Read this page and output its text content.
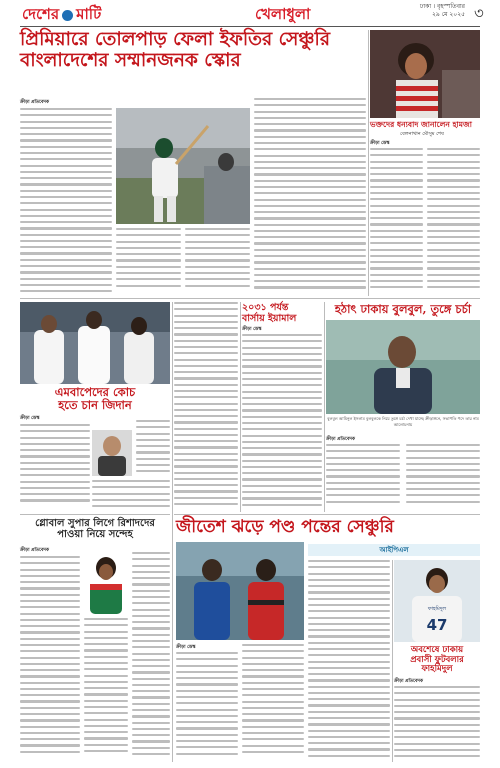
দেশের মাটি	খেলাধুলা	ঢাকা । বৃহস্পতিবার
২৯ মে ২০২৫ ৩
প্রিমিয়ারে তোলপাড় ফেলা ইফতির সেঞ্চুরি
বাংলাদেশের সম্মানজনক স্কোর
ক্রীড়া প্রতিবেদক
ভক্তদের ধন্যবাদ জানালেন হামজা
বেলনাথান মৌসুম শেষ
ক্রীড়া ডেস্ক
এমবাপেদের কোচ
হতে চান জিদান
ক্রীড়া ডেস্ক
২০৩১ পর্যন্ত
বার্সায় ইয়ামাল
ক্রীড়া ডেস্ক
হঠাৎ ঢাকায় বুলবুল, তুঙ্গে চর্চা
বুলবুল আমিনুল ইসলাম বুলবুলকে নিয়ে তুঙ্গে চর্চা দেখা যাচ্ছে ক্রীড়াঙ্গনে, সভাপতি পদে তার নাম আলোচনায়
ক্রীড়া প্রতিবেদক
গ্লোবাল সুপার লিগে রিশাদদের
পাওয়া নিয়ে সন্দেহ
ক্রীড়া প্রতিবেদক
জীতেশ ঝড়ে পণ্ড পন্তের সেঞ্চুরি
আইপিএল
ক্রীড়া ডেস্ক
47
ফাহমিদুল
অবশেষে ঢাকায়
প্রবাসী ফুটবলার
ফাহমিদুল
ক্রীড়া প্রতিবেদক
